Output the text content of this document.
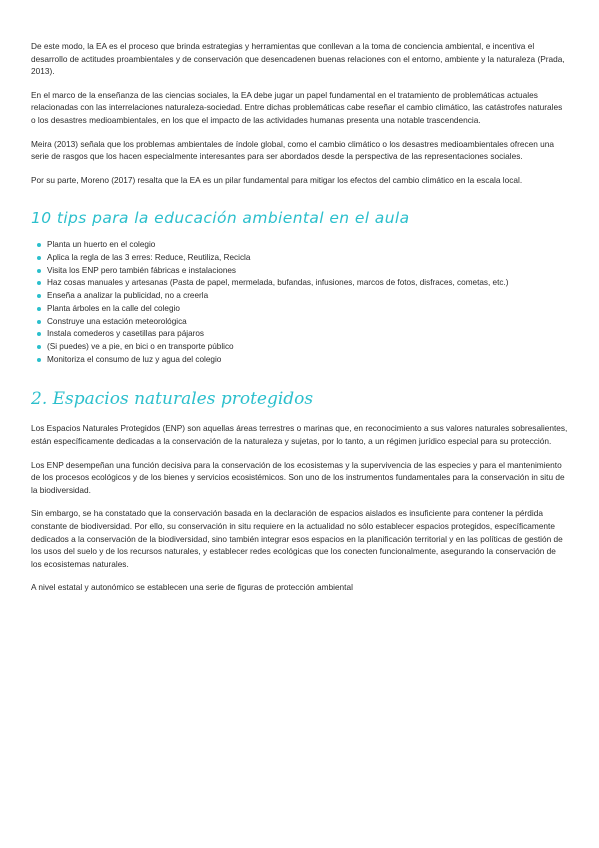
De este modo, la EA es el proceso que brinda estrategias y herramientas que conllevan a la toma de conciencia ambiental, e incentiva el desarrollo de actitudes proambientales y de conservación que desencadenen buenas relaciones con el entorno, ambiente y la naturaleza (Prada, 2013).

En el marco de la enseñanza de las ciencias sociales, la EA debe jugar un papel fundamental en el tratamiento de problemáticas actuales relacionadas con las interrelaciones naturaleza-sociedad. Entre dichas problemáticas cabe reseñar el cambio climático, las catástrofes naturales o los desastres medioambientales, en los que el impacto de las actividades humanas presenta una notable trascendencia.

Meira (2013) señala que los problemas ambientales de índole global, como el cambio climático o los desastres medioambientales ofrecen una serie de rasgos que los hacen especialmente interesantes para ser abordados desde la perspectiva de las representaciones sociales.

Por su parte, Moreno (2017) resalta que la EA es un pilar fundamental para mitigar los efectos del cambio climático en la escala local.

10 tips para la educación ambiental en el aula
Planta un huerto en el colegio
Aplica la regla de las 3 erres: Reduce, Reutiliza, Recicla
Visita los ENP pero también fábricas e instalaciones
Haz cosas manuales y artesanas (Pasta de papel, mermelada, bufandas, infusiones, marcos de fotos, disfraces, cometas, etc.)
Enseña a analizar la publicidad, no a creerla
Planta árboles en la calle del colegio
Construye una estación meteorológica
Instala comederos y casetillas para pájaros
(Si puedes) ve a pie, en bici o en transporte público
Monitoriza el consumo de luz y agua del colegio
2. Espacios naturales protegidos

Los Espacios Naturales Protegidos (ENP) son aquellas áreas terrestres o marinas que, en reconocimiento a sus valores naturales sobresalientes, están específicamente dedicadas a la conservación de la naturaleza y sujetas, por lo tanto, a un régimen jurídico especial para su protección.

Los ENP desempeñan una función decisiva para la conservación de los ecosistemas y la supervivencia de las especies y para el mantenimiento de los procesos ecológicos y de los bienes y servicios ecosistémicos. Son uno de los instrumentos fundamentales para la conservación in situ de la biodiversidad.

Sin embargo, se ha constatado que la conservación basada en la declaración de espacios aislados es insuficiente para contener la pérdida constante de biodiversidad. Por ello, su conservación in situ requiere en la actualidad no sólo establecer espacios protegidos, específicamente dedicados a la conservación de la biodiversidad, sino también integrar esos espacios en la planificación territorial y en las políticas de gestión de los usos del suelo y de los recursos naturales, y establecer redes ecológicas que los conecten funcionalmente, asegurando la conservación de los ecosistemas naturales.

A nivel estatal y autonómico se establecen una serie de figuras de protección ambiental
